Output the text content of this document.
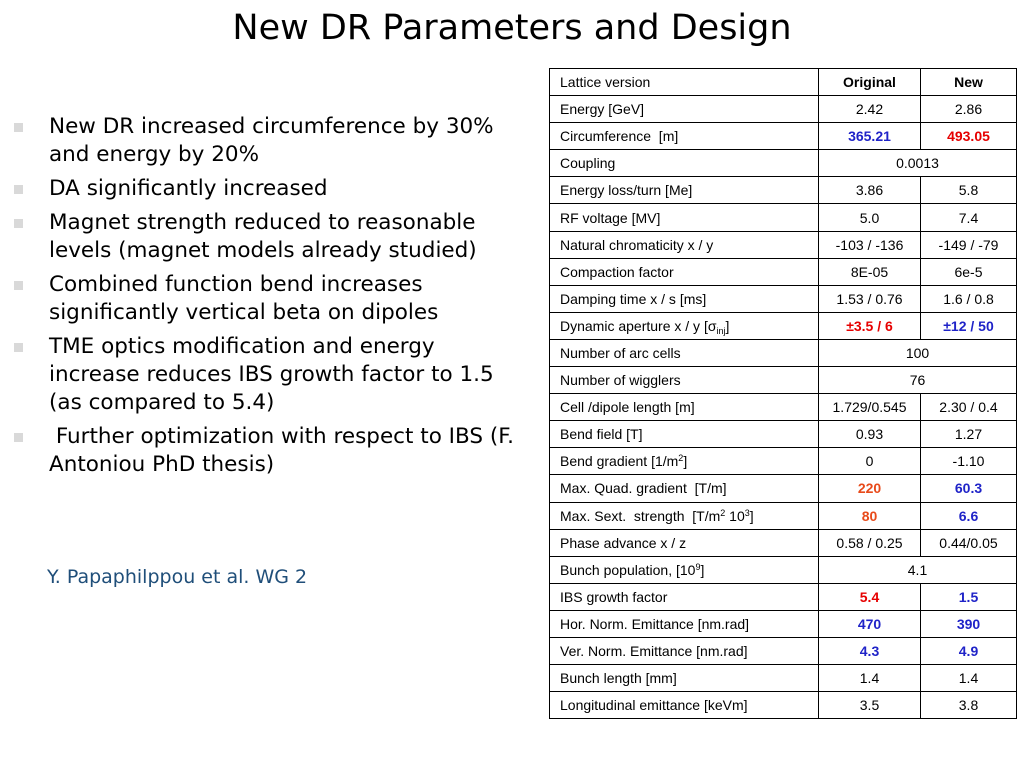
New DR Parameters and Design
New DR increased circumference by 30% and energy by 20%
DA significantly increased
Magnet strength reduced to reasonable levels (magnet models already studied)
Combined function bend increases significantly vertical beta on dipoles
TME optics modification and energy increase reduces IBS growth factor to 1.5 (as compared to 5.4)
Further optimization with respect to IBS (F. Antoniou PhD thesis)
Y. Papaphilppou et al. WG 2
Lattice version	Original	New
Energy [GeV]	2.42	2.86
Circumference  [m]	365.21	493.05
Coupling	0.0013	
Energy loss/turn [Me]	3.86	5.8
RF voltage [MV]	5.0	7.4
Natural chromaticity x / y	-103 / -136	-149 / -79
Compaction factor	8E-05	6e-5
Damping time x / s [ms]	1.53 / 0.76	1.6 / 0.8
Dynamic aperture x / y $[\sigma_{inj}]$	±3.5 / 6	±12 / 50
Number of arc cells	100	
Number of wigglers	76	
Cell /dipole length [m]	1.729/0.545	2.30 / 0.4
Bend field [T]	0.93	1.27
Bend gradient $[1/m^2]$	0	-1.10
Max. Quad. gradient  [T/m]	220	60.3
Max. Sext.  strength  [$T/m^2$ $10^3$]	80	6.6
Phase advance x / z	0.58 / 0.25	0.44/0.05
Bunch population, $[10^9]$	4.1	
IBS growth factor	5.4	1.5
Hor. Norm. Emittance [nm.rad]	470	390
Ver. Norm. Emittance [nm.rad]	4.3	4.9
Bunch length [mm]	1.4	1.4
Longitudinal emittance [keVm]	3.5	3.8
